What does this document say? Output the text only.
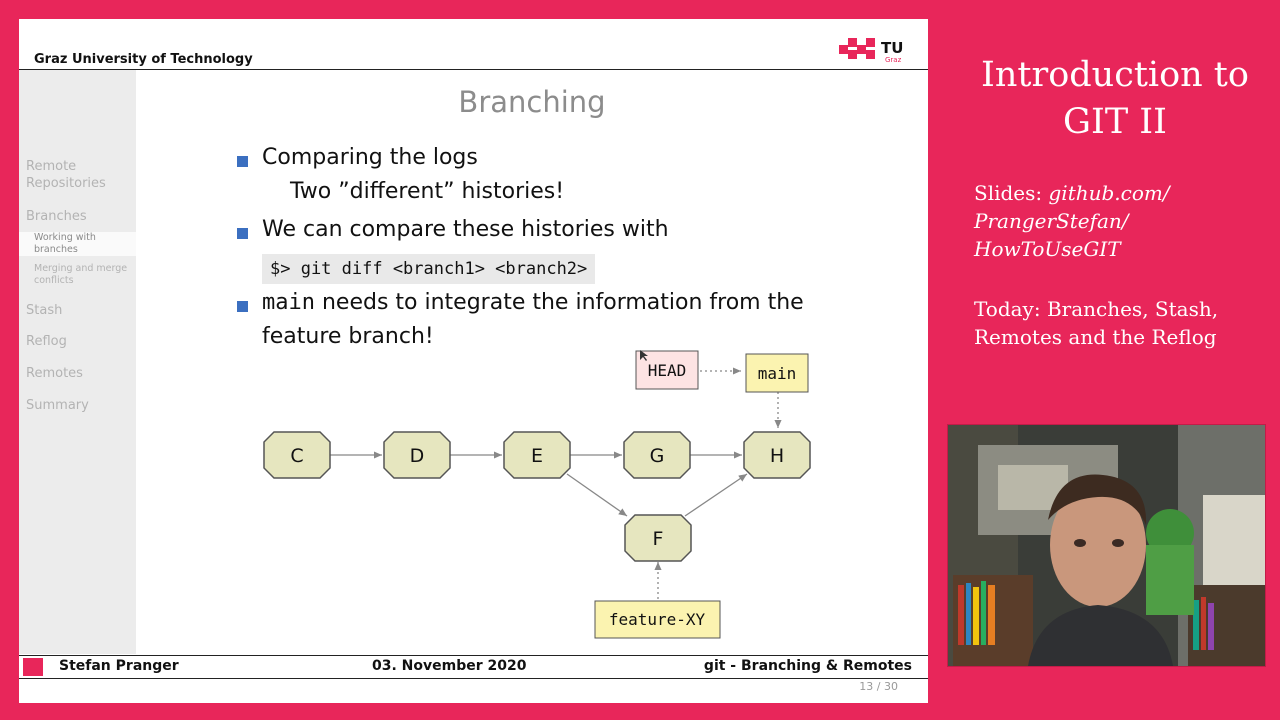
Graz University of Technology
TU
Graz
Remote Repositories
Branches
Working with branches
Merging and merge conflicts
Stash
Reflog
Remotes
Summary
Branching
Comparing the logs
Two ”different” histories!
We can compare these histories with
$> git diff <branch1> <branch2>
main needs to integrate the information from the
feature branch!
C	D	E	G	H
F
HEAD	main
feature-XY
Stefan Pranger	03. November 2020	git - Branching & Remotes
13 / 30
Introduction to
GIT II
Slides: github.com/
PrangerStefan/
HowToUseGIT
Today: Branches, Stash,
Remotes and the Reflog
